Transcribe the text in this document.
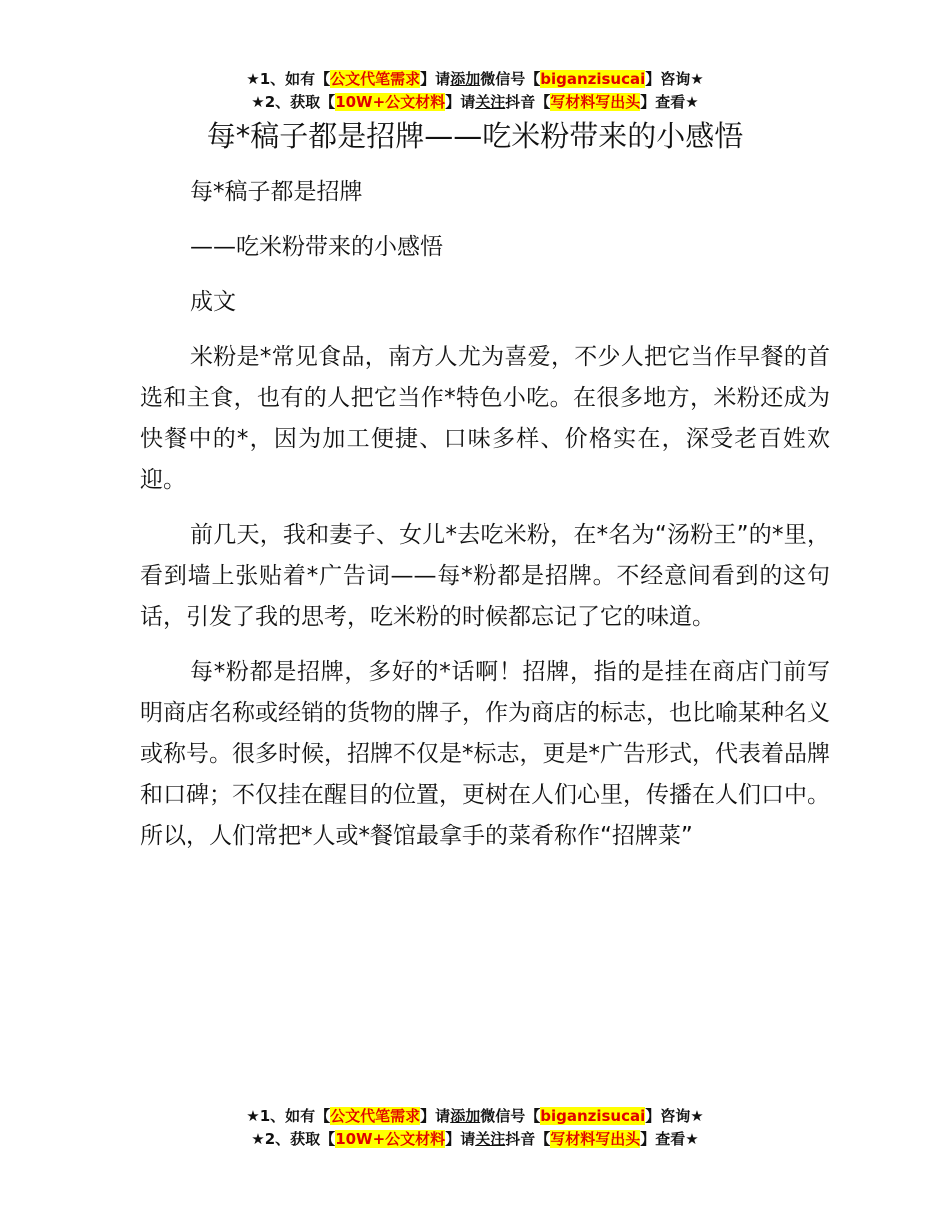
★1、如有【公文代笔需求】请添加微信号【biganzisucai】咨询★
★2、获取【10W+公文材料】请关注抖音【写材料写出头】查看★
每*稿子都是招牌——吃米粉带来的小感悟

每*稿子都是招牌

——吃米粉带来的小感悟

成文

米粉是*常见食品，南方人尤为喜爱，不少人把它当作早餐的首选和主食，也有的人把它当作*特色小吃。在很多地方，米粉还成为快餐中的*，因为加工便捷、口味多样、价格实在，深受老百姓欢迎。

前几天，我和妻子、女儿*去吃米粉，在*名为“汤粉王”的*里，看到墙上张贴着*广告词——每*粉都是招牌。不经意间看到的这句话，引发了我的思考，吃米粉的时候都忘记了它的味道。

每*粉都是招牌，多好的*话啊！招牌，指的是挂在商店门前写明商店名称或经销的货物的牌子，作为商店的标志，也比喻某种名义或称号。很多时候，招牌不仅是*标志，更是*广告形式，代表着品牌和口碑；不仅挂在醒目的位置，更树在人们心里，传播在人们口中。所以，人们常把*人或*餐馆最拿手的菜肴称作“招牌菜”

★1、如有【公文代笔需求】请添加微信号【biganzisucai】咨询★
★2、获取【10W+公文材料】请关注抖音【写材料写出头】查看★
